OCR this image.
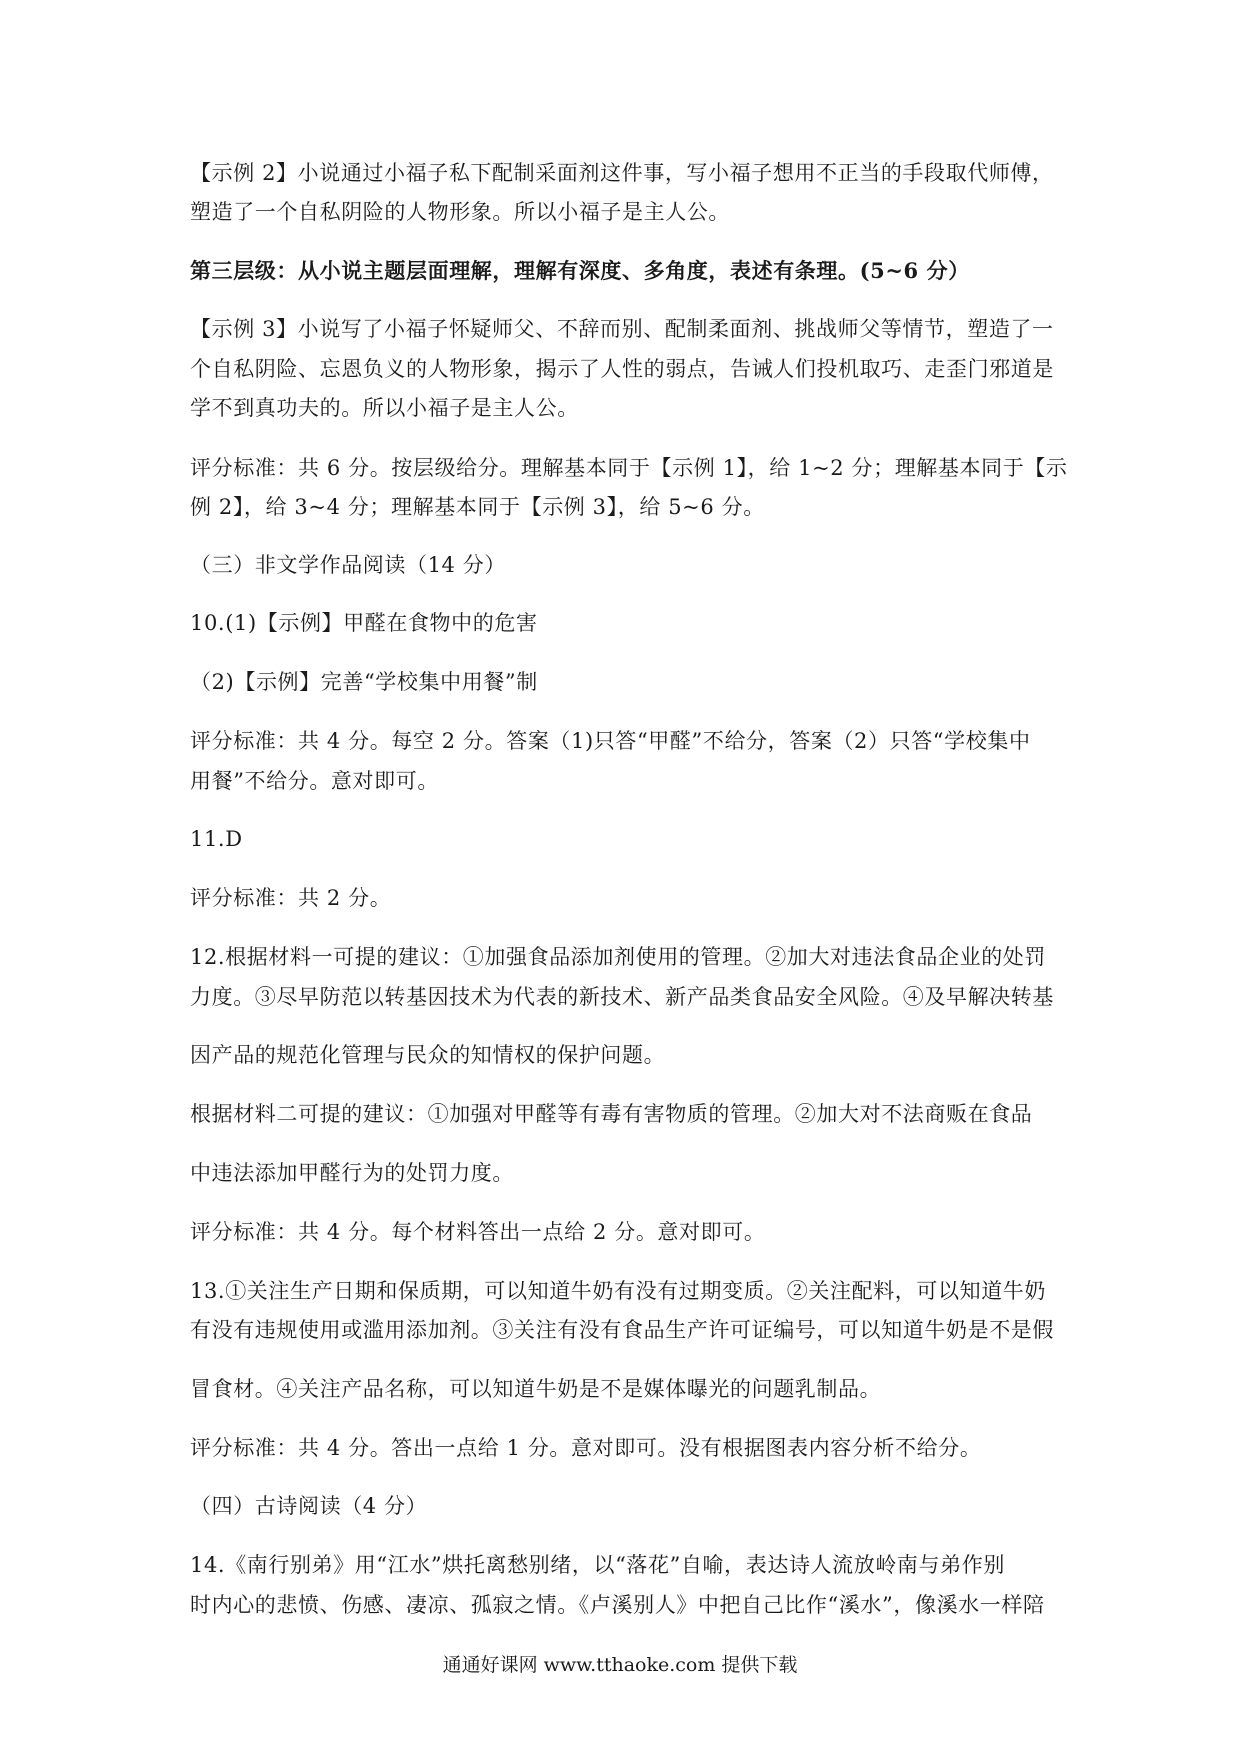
【示例 2】小说通过小福子私下配制采面剂这件事，写小福子想用不正当的手段取代师傅，
塑造了一个自私阴险的人物形象。所以小福子是主人公。
第三层级：从小说主题层面理解，理解有深度、多角度，表述有条理。(5~6 分）
【示例 3】小说写了小福子怀疑师父、不辞而别、配制柔面剂、挑战师父等情节，塑造了一
个自私阴险、忘恩负义的人物形象，揭示了人性的弱点，告诫人们投机取巧、走歪门邪道是
学不到真功夫的。所以小福子是主人公。
评分标准：共 6 分。按层级给分。理解基本同于【示例 1】，给 1~2 分；理解基本同于【示
例 2】，给 3~4 分；理解基本同于【示例 3】，给 5~6 分。
（三）非文学作品阅读（14 分）
10.(1)【示例】甲醛在食物中的危害
（2)【示例】完善“学校集中用餐”制
评分标准：共 4 分。每空 2 分。答案（1)只答“甲醛”不给分，答案（2）只答“学校集中
用餐”不给分。意对即可。
11.D
评分标准：共 2 分。
12.根据材料一可提的建议：①加强食品添加剂使用的管理。②加大对违法食品企业的处罚
力度。③尽早防范以转基因技术为代表的新技术、新产品类食品安全风险。④及早解决转基
因产品的规范化管理与民众的知情权的保护问题。
根据材料二可提的建议：①加强对甲醛等有毒有害物质的管理。②加大对不法商贩在食品
中违法添加甲醛行为的处罚力度。
评分标准：共 4 分。每个材料答出一点给 2 分。意对即可。
13.①关注生产日期和保质期，可以知道牛奶有没有过期变质。②关注配料，可以知道牛奶
有没有违规使用或滥用添加剂。③关注有没有食品生产许可证编号，可以知道牛奶是不是假
冒食材。④关注产品名称，可以知道牛奶是不是媒体曝光的问题乳制品。
评分标准：共 4 分。答出一点给 1 分。意对即可。没有根据图表内容分析不给分。
（四）古诗阅读（4 分）
14.《南行别弟》用“江水”烘托离愁别绪，以“落花”自喻，表达诗人流放岭南与弟作别
时内心的悲愤、伤感、凄凉、孤寂之情。《卢溪别人》中把自己比作“溪水”，像溪水一样陪
通通好课网 www.tthaoke.com 提供下载
